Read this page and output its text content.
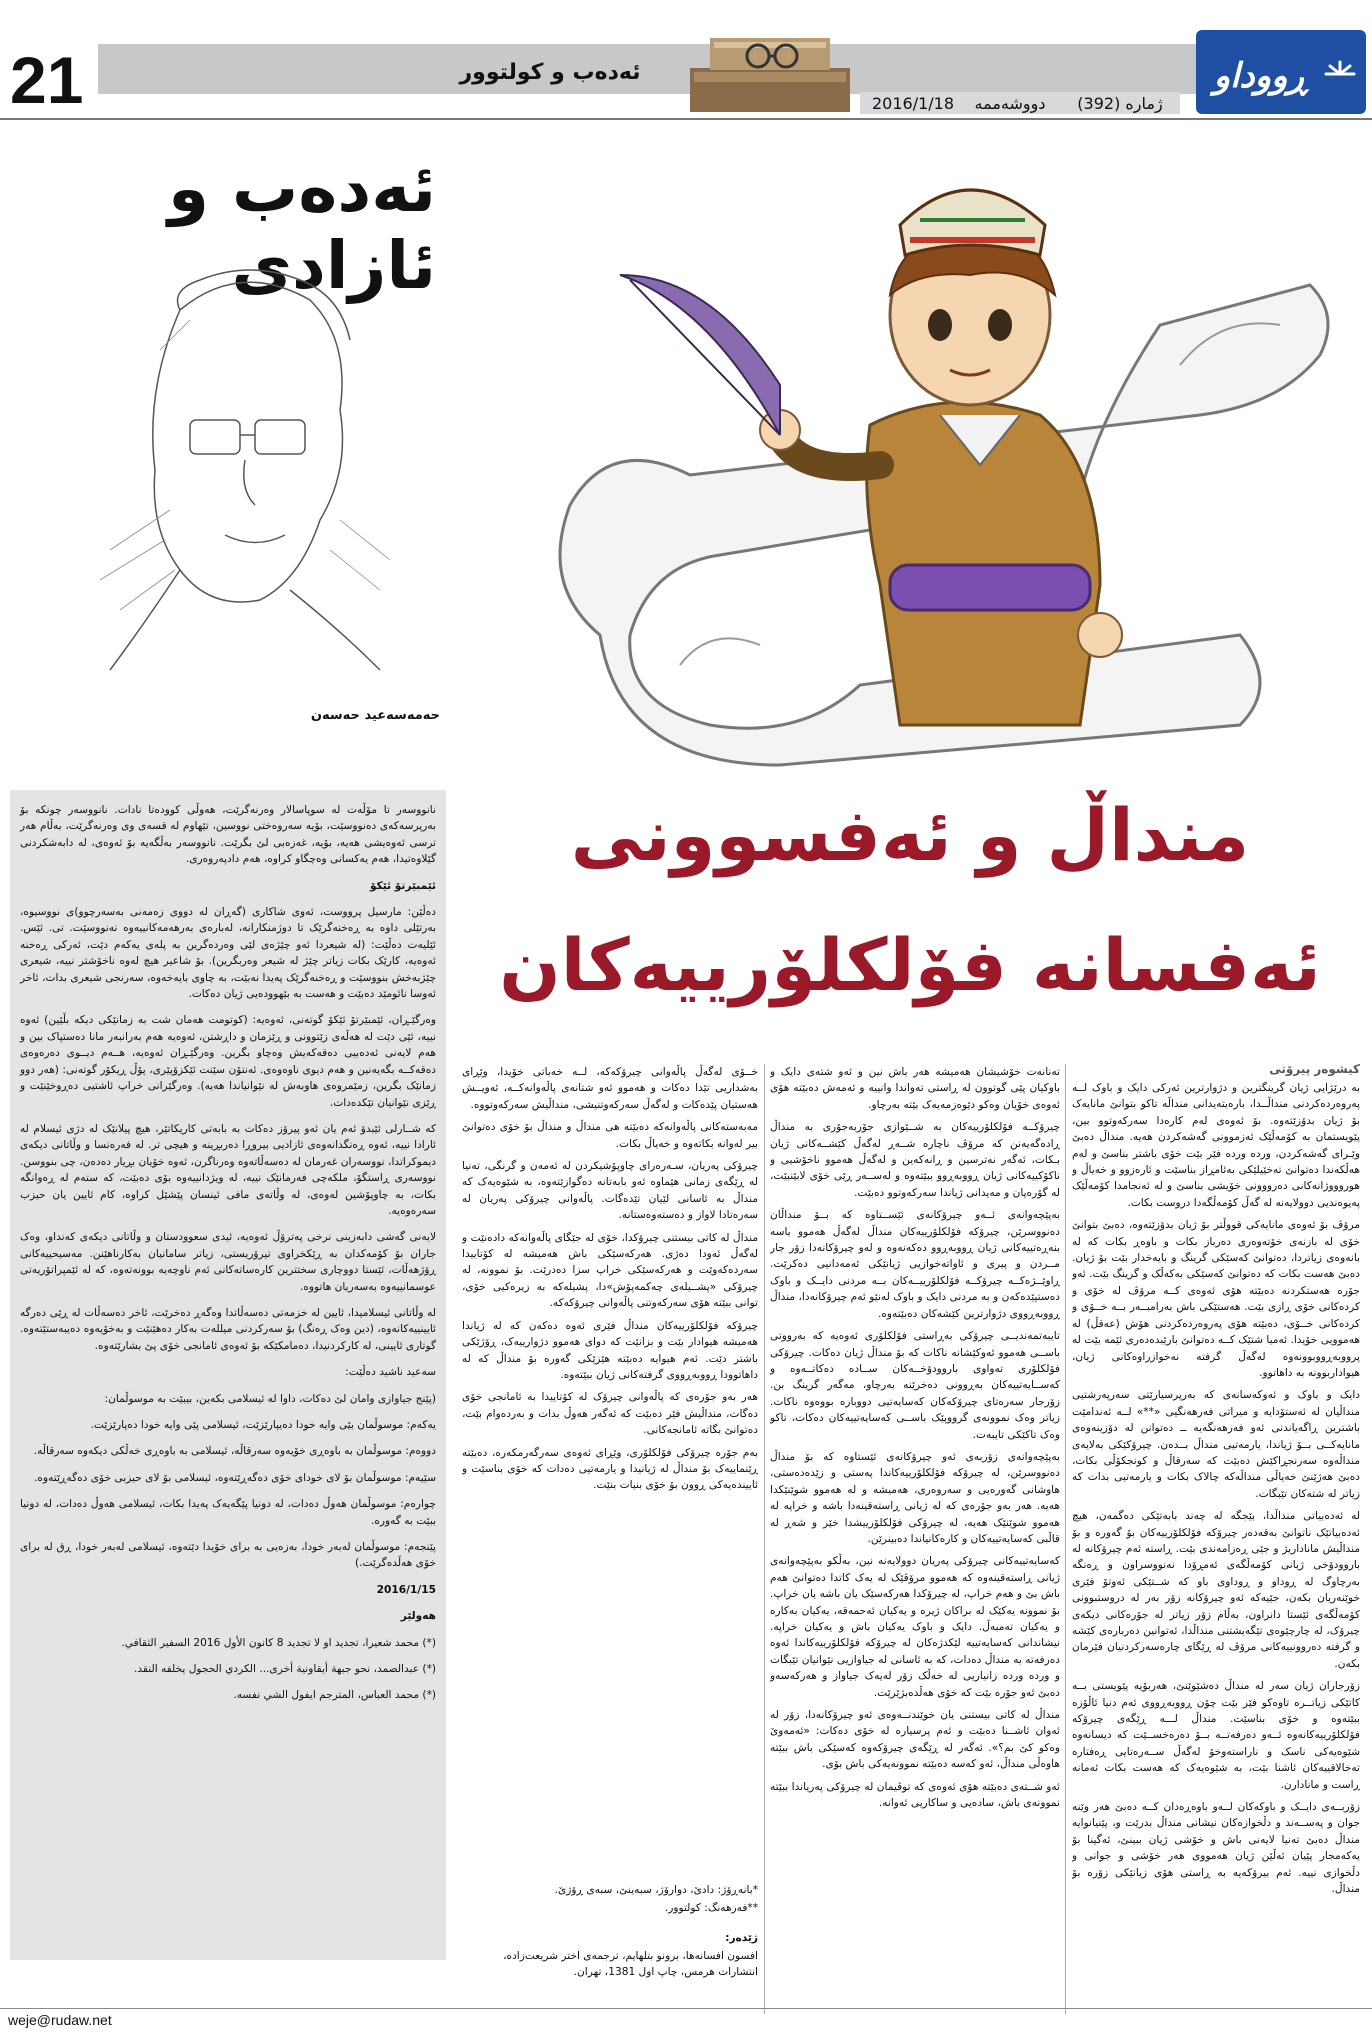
21	ئەدەب و کولتوور
2016/1/18	دووشەممە	ژمارە (392)
ڕووداو
ئەدەب و ئازادی
حەمەسەعید حەسەن

نانووسەر تا مۆڵەت لە سوپاسالار وەرنەگرێت، هەوڵی کوودەتا نادات. نانووسەر چونکە بۆ بەرپرسەکەی دەنووسێت، بۆیە سەروەختی نووسین، تێهاوم لە قسەی وی وەرنەگرێت، بەڵام هەر ترسی ئەوەیشی هەیە، بۆیە، غەزەبی لێ بگرێت. نانووسەر بەڵگەیە بۆ ئەوەی، لە دابەشکردنی گێلاوەتیدا، هەم یەکسانی وەچگاو کراوە، هەم دادپەروەری.

ئێمبێرتۆ ئێکۆ

دەڵێن: مارسیل پرووست، ئەوی شاکاری (گەڕان لە دووی زەمەنی بەسەرچوو)ی نووسیوە، بەرتێلی داوە بە ڕەخنەگرێک تا دوژمنکارانە، لەبارەی بەرهەمەکانییەوە نەنووسێت. تی. ئێس. ئێلیەت دەڵێت: (لە شیعردا ئەو چێژەی لێی وەردەگرین بە پلەی یەکەم دێت، ئەرکی ڕەخنە ئەوەیە، کارێک بکات زیاتر چێژ لە شیعر وەربگرین). بۆ شاعیر هیچ لەوە ناخۆشتر نییە، شیعری چێژبەخش بنووسێت و ڕەخنەگرێک پەیدا نەبێت، بە چاوی بایەخەوە، سەرنجی شیعری بدات، ئاخر ئەوسا نائومێد دەبێت و هەست بە بێهوودەیی ژیان دەکات.

وەرگێـڕان، ئێمبێرتۆ ئێکۆ گوتەنی، ئەوەیە: (کوتومت هەمان شت بە زمانێکی دیکە بڵێین) ئەوە نییە، ئێی دێت لە هەڵەی زێتوونی و ڕێزمان و داڕشتن، ئەوەیە هەم بەرانبەر مانا دەستپاک بین و هەم لایەنی ئەدەبیی دەقەکەیش وەچاو بگرین. وەرگێـڕان ئەوەیە، هــەم دیــوی دەرەوەی دەقەکــە بگەیەنین و هەم دیوی ناوەوەی. ئەنتۆن سێنت ئێکزۆپێری، پۆڵ ڕیکۆر گوتەنی: (هەر دوو زمانێک بگرین، زمێمروەی هاوبەش لە نێوانیاندا هەیە). وەرگێرانی خراپ ئاشتیی دەڕوخێنێت و ڕێزی نێوانیان تێکدەدات.

کە شــارلی ئێبدۆ ئەم یان ئەو پیرۆز دەکات بە بابەتی کاریکاتێر، هیچ پیلانێک لە دژی ئیسلام لە ئارادا نییە، ئەوە ڕەنگدانەوەی ئازادیی بیروڕا دەربڕینە و هیچی تر. لە فەرەنسا و وڵاتانی دیکەی دیموکراتدا، نووسەران غەرمان لە دەسەڵاتەوە وەرناگرن، ئەوە خۆیان بڕیار دەدەن، چی بنووسن. نووسەری ڕاستگۆ، ملکەچی فەرمانێک نییە، لە ویژدانییەوە بۆی دەبێت، کە ستەم لە ڕەوانگە بکات، بە چاوپۆشین لەوەی، لە وڵاتەی مافی ئینسان پێشێل کراوە، کام ئایین یان حیزب سەرەوەیە.

لایەنی گەشی دابەزینی نرخی پەترۆڵ ئەوەیە، ئیدی سعوودستان و وڵاتانی دیکەی کەنداو، وەک جاران بۆ کۆمەکدان بە ڕێکخراوی تیرۆریستی، زیاتر سامانیان بەکارناهێنن. مەسیحییەکانی ڕۆژهەڵات، ئێستا دووچاری سختترین کارەساتەکانی ئەم ناوچەیە بوونەتەوە، کە لە ئێمپراتۆریەتی عوسمانییەوە بەسەریان هاتووە.

لە وڵاتانی ئیسلامیدا، ئایین لە خزمەتی دەسەڵاتدا وەگەڕ دەخرێت، ئاخر دەسەڵات لە ڕێی دەرگە ئایینییەکانەوە، (دین وەک ڕەنگ) بۆ سەرکردنی میللەت بەکار دەهێنێت و بەخۆیەوە دەیبەستێتەوە. گوتاری ئایینی، لە کارکردنیدا، دەمامکێکە بۆ ئەوەی ئامانجی خۆی پێ بشارێتەوە.

سەعید ناشید دەڵێت:

(پێنج جیاوازی وامان لێ دەکات، داوا لە ئیسلامی بکەین، بیبێت بە موسوڵمان:

یەکەم: موسوڵمان بێی وایە خودا دەیپارێزێت، ئیسلامی پێی وایە خودا دەپارێزێت.

دووەم: موسوڵمان بە باوەڕی خۆیەوە سەرقاڵە، ئیسلامی بە باوەڕی خەڵکی دیکەوە سەرقاڵە.

سێیەم: موسوڵمان بۆ لای خودای خۆی دەگەڕێتەوە، ئیسلامی بۆ لای حیزبی خۆی دەگەڕێتەوە.

چوارەم: موسوڵمان هەوڵ دەدات، لە دونیا پێگەیەک پەیدا بکات، ئیسلامی هەوڵ دەدات، لە دونیا ببێت بە گەورە.

پێنجەم: موسوڵمان لەبەر خودا، بەزەیی بە برای خۆیدا دێتەوە، ئیسلامی لەبەر خودا، ڕق لە برای خۆی هەڵدەگرێت.)

2016/1/15

هەولێر

(*) محمد شعيرا، تجديد او لا تجديد 8 كانون الأول 2016 السفير الثقافي.

(*) عبدالصمد، نحو جبهة أيقاونية أخرى... الكردي الحجول يخلفه النقد.

(*) محمد العباس، المترجم ايفول الشي نفسه.

منداڵ و ئەفسوونی ئەفسانە فۆلکلۆرییەکان
کیشوەر پیرۆتی

بە درێژایی ژیان گرینگترین و دژوارترین ئەرکی دایک و باوک لــە پەروەردەکردنی منداڵــدا، بارەیتەیدانی منداڵە تاکو بتوانێ مانایەک بۆ ژیان بدۆزێتەوە. بۆ ئەوەی لەم کارەدا سەرکەوتوو بین، پێویستمان بە کۆمەڵێک ئەزموونی گەشەکردن هەیە. منداڵ دەبێ وێـرای گەشەکردن، ورده وردە فێر بێت خۆی باشتر بناسێ و لەم هەڵکەندا دەتوانێ تەخێیلێکی بەئامڕاز بناسێت و ئارەزوو و خەیاڵ و هوروووژانەکانی دەرووونی خۆیشی بناسێ و لە ئەنجامدا کۆمەڵێک پەیوەندیی دوولایەنە لە گەڵ کۆمەڵگەدا دروست بکات.

مرۆڤ بۆ ئەوەی مانایەکی قووڵتر بۆ ژیان بدۆزێتەوە، دەبێ بتوانێ خۆی لە بازنەی خۆتەوەری دەرباز بکات و باوەڕ بکات کە لە بانەوەی زیاتردا، دەتوانێ کەسێکی گرینگ و بایەخدار بێت بۆ ژیان. دەبێ هەست بکات کە دەتوانێ کەسێکی بەکەڵک و گرینگ بێت. ئەو جۆرە هەستکردنە دەبێتە هۆی ئەوەی کــە مرۆڤ لە خۆی و کردەکانی خۆی ڕازی بێت. هەستێکی باش بەرامبــەر بــە خــۆی و کردەکانی خــۆی، دەبێتە هۆی پەروەردەکردنی هۆش (عەقڵ) لە هەموویی خۆیدا. ئەمیا شتێک کــە دەتوانێ بارێبدەدەری ئێمە بێت لە پرووبەڕووبوونەوە لەگەڵ گرفتە نەخوازراوەکانی ژیان، هیواداربوونە بە داهاتوو.

دایک و باوک و ئەوکەسانەی کە بەرپرسیارێتی سەرپەرشتیی منداڵیان لە ئەستۆدایە و میراتی فەرهەنگیی «**» لــە ئەندامێت باشترین ڕاگەیاندنی ئەو فەرهەنگەیە ــ دەتوانن لە دۆزینەوەی مانایەکــی بــۆ ژیاندا، یارمەتیی منداڵ بــدەن. چیرۆکێکی بەلایەی منداڵەوە سەرنجڕاکێش دەبێت کە سەرقاڵ و کونجکۆڵی بکات، دەبێ هەژێنێ خەیاڵی منداڵەکە چالاک بکات و یارمەتیی بدات کە زیاتر لە شتەکان تێبگات.

لە ئەدەبیاتی منداڵدا، بێجگە لە چەند بابەتێکی دەگمەن، هیچ ئەدەبیاتێک ناتوانێ بەقەدەر چیرۆکە فۆلکلۆرییەکان بۆ گەورە و بۆ منداڵیش ماناداریژ و جێی ڕەزامەندی بێت. ڕاستە ئەم چیرۆکانە لە باروودۆخی ژیانی کۆمەڵگەی ئەمڕۆدا نەنووسراون و ڕەنگە بەرچاوگ لە ڕوداو و ڕوداوی باو کە شــتێکی ئەوتۆ فێری خوێنەریان بکەن، جێیەکە ئەو چیرۆکانە زۆر بەر لە دروستبوونی کۆمەڵگەی ئێستا دانراون، بەڵام زۆر زیاتر لە جۆرەکانی دیکەی چیرۆک، لە چارچێوەی تێگەیشتنی منداڵدا، ئەتوانین دەربارەی کێشە و گرفتە دەروونییەکانی مرۆڤ لە ڕێگای چارەسەرکردنیان فێرمان بکەن.

زۆرجاران ژیان سەر لە منداڵ دەشێوێنێ، هەربۆیە پێویستی بــە کاتێکی زیاتــرە تاوەکو فێر بێت چۆن ڕووبەڕووی ئەم دنیا ئاڵۆزە ببێتەوە و خۆی بناسێت. منداڵ لـــە ڕێگەی چیرۆکە فۆلکلۆرییەکانەوە ئــەو دەرفەتــە بــۆ دەرەخســێت کە دیسانەوە شێوەیەکی ناسک و ناراستەوخۆ لەگەڵ ســەرەتایی ڕەفتارە تەخالاقییەکان ئاشنا بێت، بە شێوەیەک کە هەست بکات ئەمانە ڕاست و مانادارن.

زۆربــەی دایــک و باوکەکان لــەو باوەڕەدان کــە دەبێ هەر وێنە جوان و پەســەند و دڵخوازەکان نیشانی منداڵ بدرێت و، پێنیانوایە منداڵ دەبێ تەنیا لایەنی باش و خۆشی ژیان ببینێ، ئەگینا بۆ یەکەمجار پێیان ئەڵێن ژیان هەمووی هەر خۆشی و جوانی و دڵخوازی نییە. ئەم بیرۆکەیە بە ڕاستی هۆی زیانێکی زۆرە بۆ منداڵ.

تەنانەت خۆشیشان هەمیشە هەر باش نین و ئەو شتەی دایک و باوکیان پێی گوتوون لە ڕاستی تەواندا وانییە و ئەمەش دەبێتە هۆی ئەوەی خۆیان وەکو دێوەزمەیەک بێتە بەرچاو.

چیرۆکــە فۆلکلۆرییەکان بە شــێوازی جۆربەجۆری بە منداڵ ڕادەگەیەنن کە مرۆڤ ناچارە شــەڕ لەگەڵ کێشــەکانی ژیان بـکات، ئەگەر نەترسین و ڕانەکەین و لەگەڵ هەموو ناخۆشیی و ناکۆکییەکانی ژیان ڕووبەڕوو ببێتەوە و لەســەر ڕێی خۆی لابێنبێت، لە گۆرەپان و مەیدانی ژیاندا سەرکەوتوو دەبێت.

بەپێچەوانەی ئــەو چیرۆکانەی ئێســتاوە کە بــۆ منداڵان دەنووسرێن، چیرۆکە فۆلکلۆرییەکان منداڵ لەگەڵ هەموو باسە بنەڕەتییەکانی ژیان ڕووبەڕوو دەکەنەوە و لەو چیرۆکانەدا زۆر جار مــردن و پیری و ئاواتەخوازیی ژیانێکی ئەمەدانیی دەکرێت. ڕاوێــژەکــە چیرۆکــە فۆلکلۆرییــەکان بــە مردنی دایــک و باوک دەستپێدەکەن و بە مردنی دایک و باوک لەنێو ئەم چیرۆکانەدا، منداڵ ڕووبەڕووی دژوارترین کێشەکان دەبێتەوە.

تایبەتمەندیــی چیرۆکی بەڕاستی فۆلکلۆری ئەوەیە کە بەرووتی باســی هەموو ئەوکێشانە ناکات کە بۆ منداڵ ژیان دەکات. چیرۆکی فۆلکلۆری تەواوی باروودۆخــەکان ســادە دەکاتــەوە و کەســایەتییەکان بەڕوونی دەخرێنە بەرچاو، مەگەر گرینگ بن. زۆرجار سەرەتای چیرۆکەکان کەسایەتیی دووبارە بووەوە ناکات. زیاتر وەک نموونەی گرووپێک باســی کەسایەتییەکان دەکات، تاکو وەک تاکێکی تایبەت.

بەپێچەوانەی زۆربەی ئەو چیرۆکانەی ئێستاوە کە بۆ منداڵ دەنووسرێن، لە چیرۆکە فۆلکلۆرییەکاندا پەستی و زێدەدەستی، هاوشانی گەورەیی و سەروەری، هەمیشە و لە هەموو شوێنێکدا هەیە. هەر بەو جۆرەی کە لە ژیانی ڕاستەقینەدا باشە و خراپە لە هەموو شوێنێک هەیە، لە چیرۆکی فۆلکلۆرییشدا خێر و شەڕ لە قاڵبی کەسایەتییەکان و کارەکانیاندا دەبینرێن.

کەسایەتییەکانی چیرۆکی پەریان دوولایەنە نین، بەڵکو بەپێچەوانەی ژیانی ڕاستەقینەوە کە هەموو مرۆڤێک لە یەک کاتدا دەتوانێ هەم باش بێ و هەم خراپ، لە چیرۆکدا هەرکەسێک یان باشە یان خراپ. بۆ نموونە یەکێک لە براکان ژیرە و یەکیان ئەحمەقە، یەکیان بەکارە و یەکیان تەمبەڵ. دایک و باوک یەکیان باش و یەکیان خراپە. نیشاندانی کەسایەتییە لێکدژەکان لە چیرۆکە فۆلکلۆرییەکاندا ئەوە دەرفەتە بە منداڵ دەدات، کە بە ئاسانی لە جیاوازیی نێوانیان تێبگات و ورده ورده زانیاریی لە خەڵک زۆر لەیەک جیاواز و هەرکەسەو دەبێ ئەو جۆرە بێت کە خۆی هەڵدەبژێرێت.

منداڵ لە کاتی بیستنی یان خوێندنــەوەی ئەو چیرۆکانەدا، زۆر لە ئەوان ئاشــنا دەبێت و ئەم پرسیارە لە خۆی دەکات: «ئەمەوێ وەکو کێ بم؟». ئەگەر لە ڕێگەی چیرۆکەوە کەسێکی باش ببێتە هاوەڵی منداڵ، ئەو کەسە دەبێتە نموونەیەکی باش بۆی.

ئەو شــتەی دەبێتە هۆی ئەوەی کە توڤیمان لە چیرۆکی پەریاندا ببێتە نموونەی باش، سادەیی و ساکاریی ئەوانە.

خــۆی لەگەڵ پاڵەوانی چیرۆکەکە، لــە خەباتی خۆیدا، وێڕای بەشداریی تێدا دەکات و هەموو ئەو شتانەی پاڵەوانەکــە، ئەویــش هەستیان پێدەکات و لەگەڵ سەرکەوتنیشی، منداڵیش سەرکەوتووە.

مەبەستەکانی پاڵەوانەکە دەبێتە هی منداڵ و منداڵ بۆ خۆی دەتوانێ بیر لەوانە بکاتەوە و خەیاڵ بکات.

چیرۆکی پەریان، سـەرەرای چاوپۆشیکردن لە ئەمەن و گرنگی، تەنیا لە ڕێگەی زمانی هێماوە ئەو بابەتانە دەگوازێتەوە، بە شێوەیەک کە منداڵ بە ئاسانی لێیان تێدەگات. پاڵەوانی چیرۆکی پەریان لە سەرەتادا لاواز و دەستەوەستانە.

منداڵ لە کاتی بیستنی چیرۆکدا، خۆی لە جێگای پاڵەوانەکە دادەنێت و لەگەڵ ئەودا دەژی. هەرکەسێکی باش هەمیشە لە کۆتاییدا سەردەکەوێت و هەرکەسێکی خراپ سزا دەدرێت. بۆ نموونە، لە چیرۆکی «پشــیلەی چەکمەپۆش»دا، پشیلەکە بە زیرەکیی خۆی، توانی ببێتە هۆی سەرکەوتنی پاڵەوانی چیرۆکەکە.

چیرۆکە فۆلکلۆرییەکان منداڵ فێری ئەوە دەکەن کە لە ژیاندا هەمیشە هیوادار بێت و بزانێت کە دوای هەموو دژوارییەک، ڕۆژێکی باشتر دێت. ئەم هیوایە دەبێتە هێزێکی گەورە بۆ منداڵ کە لە داهاتوودا ڕووبەڕووی گرفتەکانی ژیان ببێتەوە.

هەر بەو جۆرەی کە پاڵەوانی چیرۆک لە کۆتاییدا بە ئامانجی خۆی دەگات، منداڵیش فێر دەبێت کە ئەگەر هەوڵ بدات و بەردەوام بێت، دەتوانێ بگاتە ئامانجەکانی.

بەم جۆرە چیرۆکی فۆلکلۆری، وێڕای ئەوەی سەرگەرمکەرە، دەبێتە ڕێنماییەک بۆ منداڵ لە ژیانیدا و یارمەتیی دەدات کە خۆی بناسێت و ئاییندەیەکی ڕوون بۆ خۆی بنیات بنێت.

*بانەڕۆژ: دادێ، دوارۆژ، سبەینێ، سبەی ڕۆژێ.
**فەرهەنگ: کولتوور.
ژێدەر:
افسون افسانه‌ها، برونو بتلهایم، ترجمه‌ی اختر شریعت‌زاده، انتشارات هرمس، چاپ اول 1381، تهران.
weje@rudaw.net
